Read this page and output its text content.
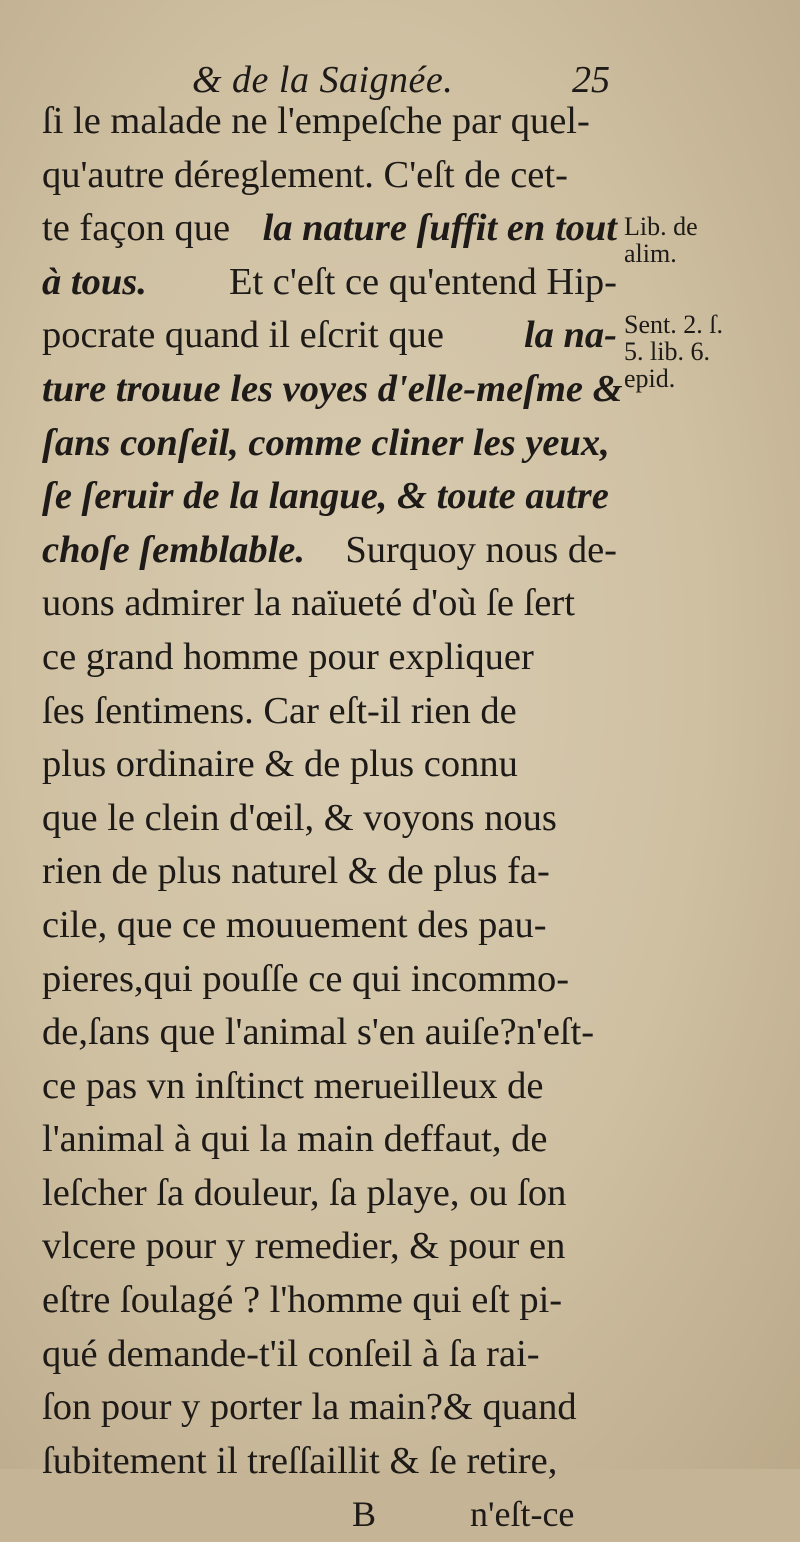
& de la Saignée.	25
ſi le malade ne l'empeſche par quel-
qu'autre déreglement. C'eſt de cet-
te façon que la nature ſuffit en tout
à tous. Et c'eſt ce qu'entend Hip-
pocrate quand il eſcrit que la na-
ture trouue les voyes d'elle-meſme &
ſans conſeil, comme cliner les yeux,
ſe ſeruir de la langue, & toute autre
choſe ſemblable. Surquoy nous de-
uons admirer la naïueté d'où ſe ſert
ce grand homme pour expliquer
ſes ſentimens. Car eſt-il rien de
plus ordinaire & de plus connu
que le clein d'œil, & voyons nous
rien de plus naturel & de plus fa-
cile, que ce mouuement des pau-
pieres,qui pouſſe ce qui incommo-
de,ſans que l'animal s'en auiſe?n'eſt-
ce pas vn inſtinct merueilleux de
l'animal à qui la main deffaut, de
leſcher ſa douleur, ſa playe, ou ſon
vlcere pour y remedier, & pour en
eſtre ſoulagé ? l'homme qui eſt pi-
qué demande-t'il conſeil à ſa rai-
ſon pour y porter la main?& quand
ſubitement il treſſaillit & ſe retire,
B	n'eſt-ce
Lib. de
alim.
Sent. 2. ſ.
5. lib. 6.
epid.
